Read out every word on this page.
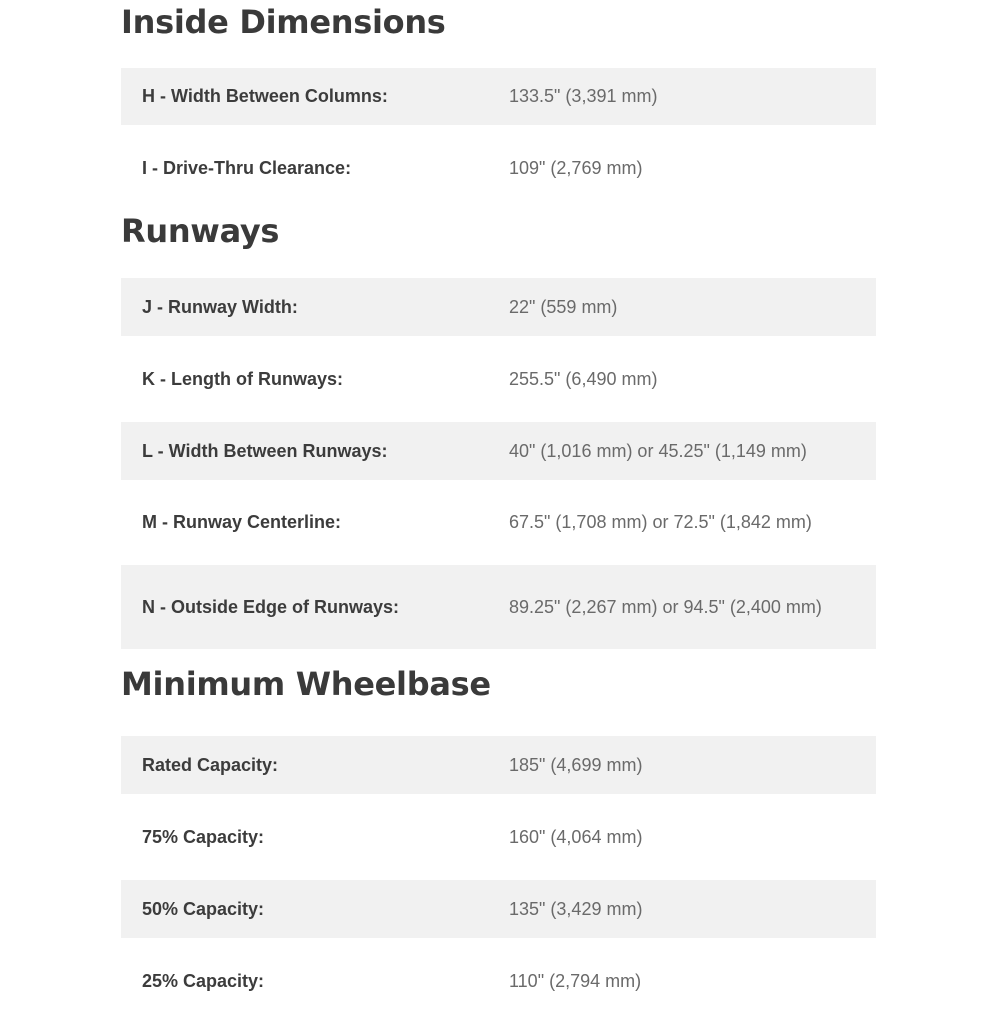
Inside Dimensions
H - Width Between Columns:	133.5" (3,391 mm)
I - Drive-Thru Clearance:	109" (2,769 mm)
Runways
J - Runway Width:	22" (559 mm)
K - Length of Runways:	255.5" (6,490 mm)
L - Width Between Runways:	40" (1,016 mm) or 45.25" (1,149 mm)
M - Runway Centerline:	67.5" (1,708 mm) or 72.5" (1,842 mm)
N - Outside Edge of Runways:	89.25" (2,267 mm) or 94.5" (2,400 mm)
Minimum Wheelbase
Rated Capacity:	185" (4,699 mm)
75% Capacity:	160" (4,064 mm)
50% Capacity:	135" (3,429 mm)
25% Capacity:	110" (2,794 mm)
